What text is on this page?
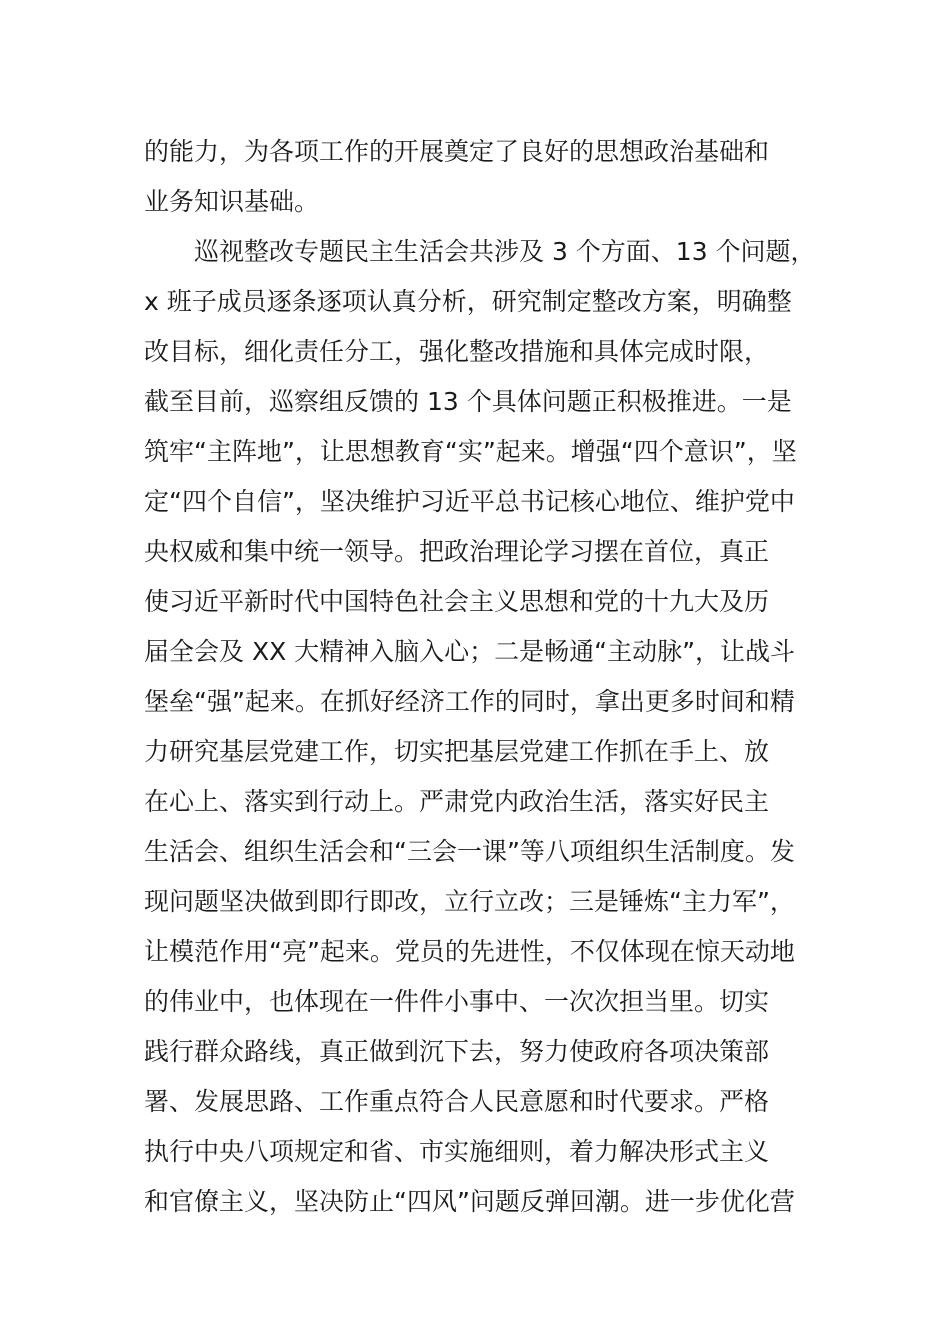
的能力，为各项工作的开展奠定了良好的思想政治基础和
业务知识基础。
　　巡视整改专题民主生活会共涉及 3 个方面、13 个问题，
x 班子成员逐条逐项认真分析，研究制定整改方案，明确整
改目标，细化责任分工，强化整改措施和具体完成时限，
截至目前，巡察组反馈的 13 个具体问题正积极推进。一是
筑牢“主阵地”，让思想教育“实”起来。增强“四个意识”，坚
定“四个自信”，坚决维护习近平总书记核心地位、维护党中
央权威和集中统一领导。把政治理论学习摆在首位，真正
使习近平新时代中国特色社会主义思想和党的十九大及历
届全会及 XX 大精神入脑入心；二是畅通“主动脉”，让战斗
堡垒“强”起来。在抓好经济工作的同时，拿出更多时间和精
力研究基层党建工作，切实把基层党建工作抓在手上、放
在心上、落实到行动上。严肃党内政治生活，落实好民主
生活会、组织生活会和“三会一课”等八项组织生活制度。发
现问题坚决做到即行即改，立行立改；三是锤炼“主力军”，
让模范作用“亮”起来。党员的先进性，不仅体现在惊天动地
的伟业中，也体现在一件件小事中、一次次担当里。切实
践行群众路线，真正做到沉下去，努力使政府各项决策部
署、发展思路、工作重点符合人民意愿和时代要求。严格
执行中央八项规定和省、市实施细则，着力解决形式主义
和官僚主义，坚决防止“四风”问题反弹回潮。进一步优化营
